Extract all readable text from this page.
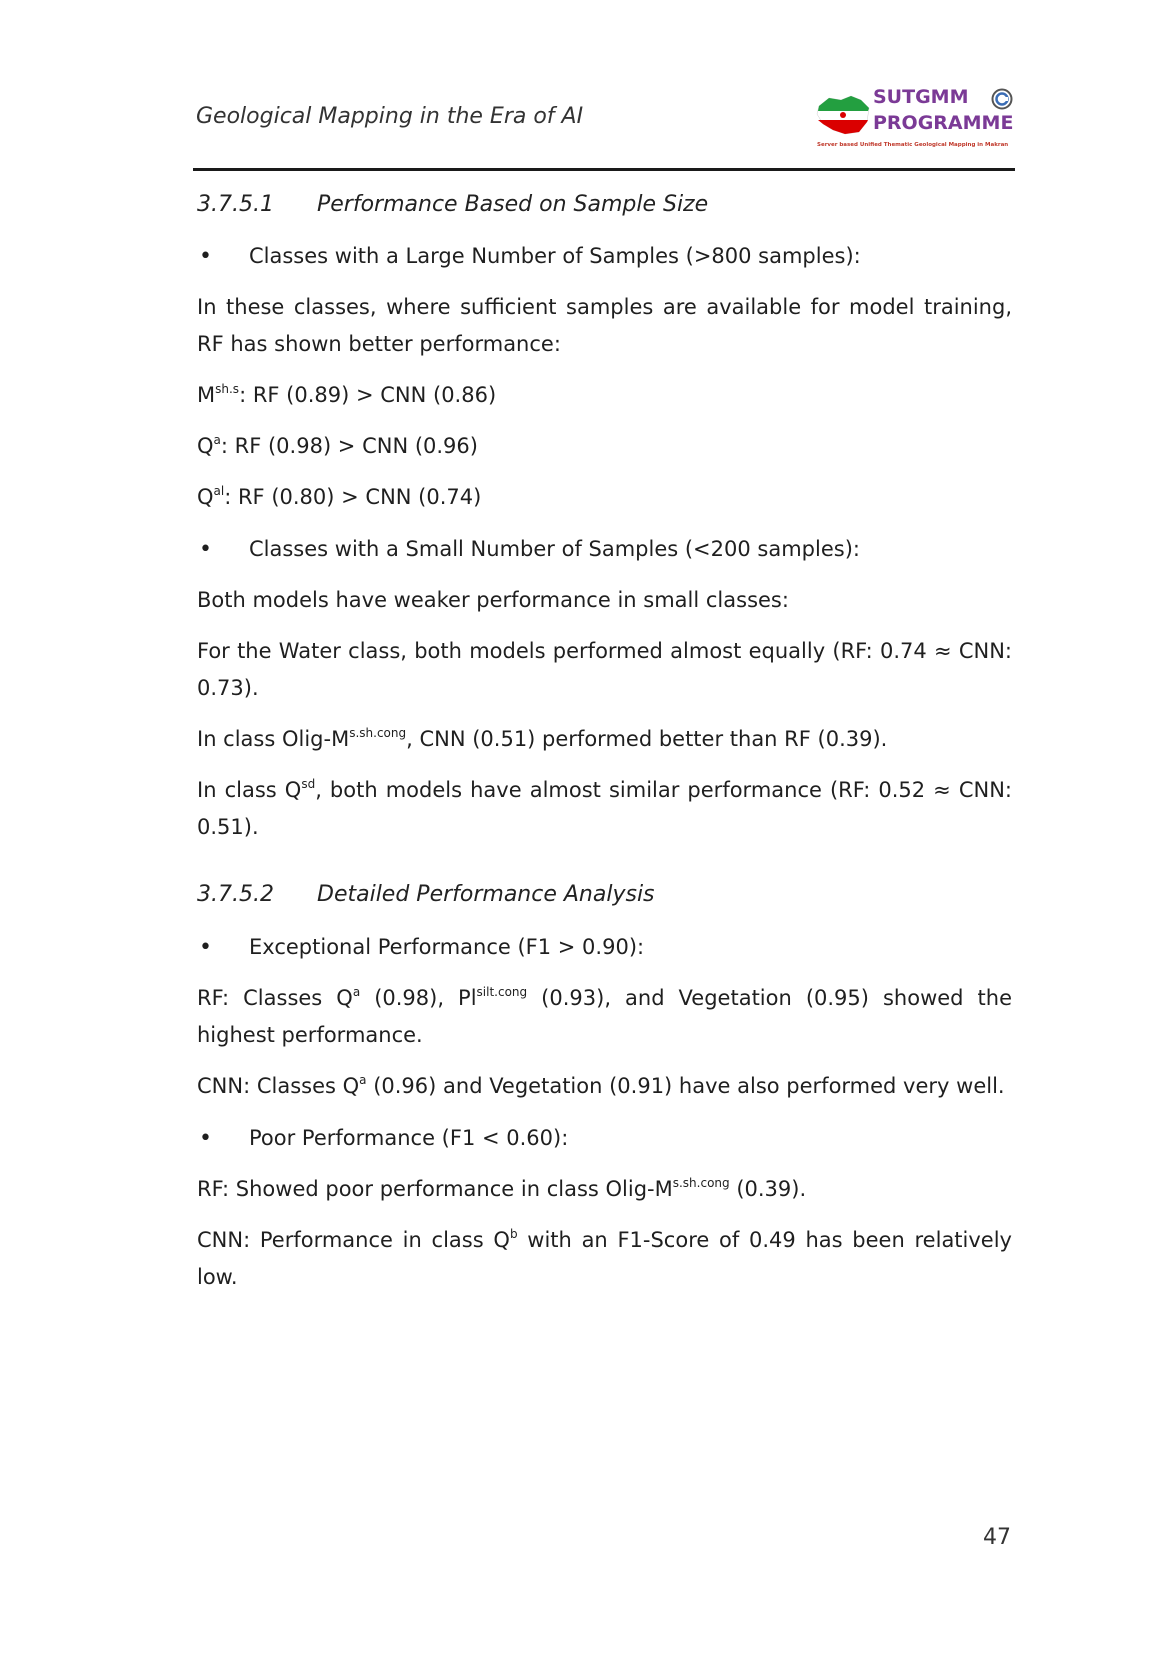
Geological Mapping in the Era of AI
SUTGMM
PROGRAMME
Server based Unified Thematic Geological Mapping in Makran

3.7.5.1	Performance Based on Sample Size

•	Classes with a Large Number of Samples (>800 samples):

In these classes, where sufficient samples are available for model training, RF has shown better performance:

$M^{sh.s}$: RF (0.89) > CNN (0.86)

$Q^a$: RF (0.98) > CNN (0.96)

$Q^{al}$: RF (0.80) > CNN (0.74)

•	Classes with a Small Number of Samples (<200 samples):

Both models have weaker performance in small classes:

For the Water class, both models performed almost equally (RF: 0.74 ≈ CNN: 0.73).

In class Olig-$M^{s.sh.cong}$, CNN (0.51) performed better than RF (0.39).

In class $Q^{sd}$, both models have almost similar performance (RF: 0.52 ≈ CNN: 0.51).

3.7.5.2	Detailed Performance Analysis

•	Exceptional Performance (F1 > 0.90):

RF: Classes $Q^a$ (0.98), $Pl^{silt.cong}$ (0.93), and Vegetation (0.95) showed the highest performance.

CNN: Classes $Q^a$ (0.96) and Vegetation (0.91) have also performed very well.

•	Poor Performance (F1 < 0.60):

RF: Showed poor performance in class Olig-$M^{s.sh.cong}$ (0.39).

CNN: Performance in class $Q^b$ with an F1-Score of 0.49 has been relatively low.

47
